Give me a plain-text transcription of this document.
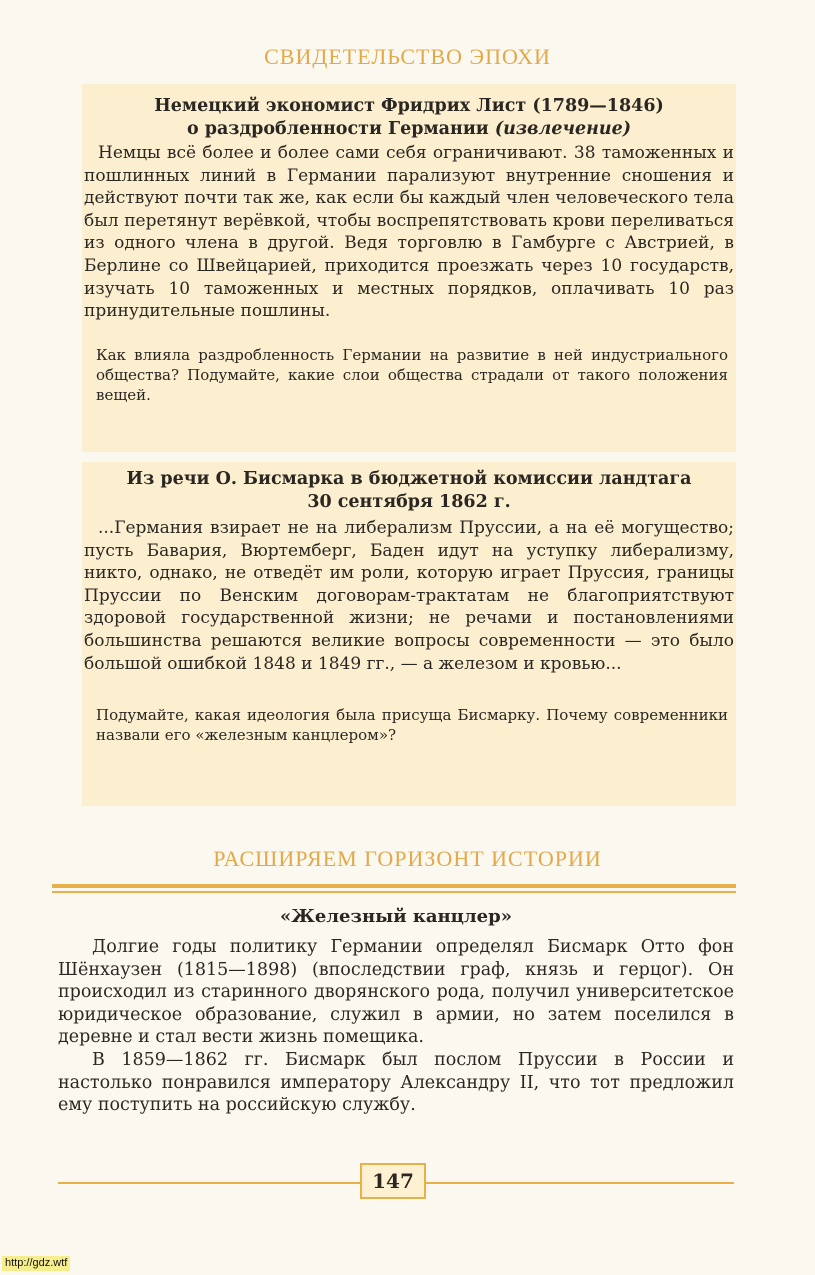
СВИДЕТЕЛЬСТВО ЭПОХИ

Немецкий экономист Фридрих Лист (1789—1846)
о раздробленности Германии (извлечение)

Немцы всё более и более сами себя ограничивают. 38 таможенных и пошлинных линий в Германии парализуют внутренние сношения и действуют почти так же, как если бы каждый член человеческого тела был перетянут верёвкой, чтобы воспрепятствовать крови переливаться из одного члена в другой. Ведя торговлю в Гамбурге с Австрией, в Берлине со Швейцарией, приходится проезжать через 10 государств, изучать 10 таможенных и местных порядков, оплачивать 10 раз принудительные пошлины.

Как влияла раздробленность Германии на развитие в ней индустриального общества? Подумайте, какие слои общества страдали от такого положения вещей.

Из речи О. Бисмарка в бюджетной комиссии ландтага
30 сентября 1862 г.

...Германия взирает не на либерализм Пруссии, а на её могущество; пусть Бавария, Вюртемберг, Баден идут на уступку либерализму, никто, однако, не отведёт им роли, которую играет Пруссия, границы Пруссии по Венским договорам-трактатам не благоприятствуют здоровой государственной жизни; не речами и постановлениями большинства решаются великие вопросы современности — это было большой ошибкой 1848 и 1849 гг., — а железом и кровью...

Подумайте, какая идеология была присуща Бисмарку. Почему современники назвали его «железным канцлером»?

РАСШИРЯЕМ ГОРИЗОНТ ИСТОРИИ

«Железный канцлер»

Долгие годы политику Германии определял Бисмарк Отто фон Шёнхаузен (1815—1898) (впоследствии граф, князь и герцог). Он происходил из старинного дворянского рода, получил университетское юридическое образование, служил в армии, но затем поселился в деревне и стал вести жизнь помещика.

В 1859—1862 гг. Бисмарк был послом Пруссии в России и настолько понравился императору Александру II, что тот предложил ему поступить на российскую службу.

147
http://gdz.wtf
